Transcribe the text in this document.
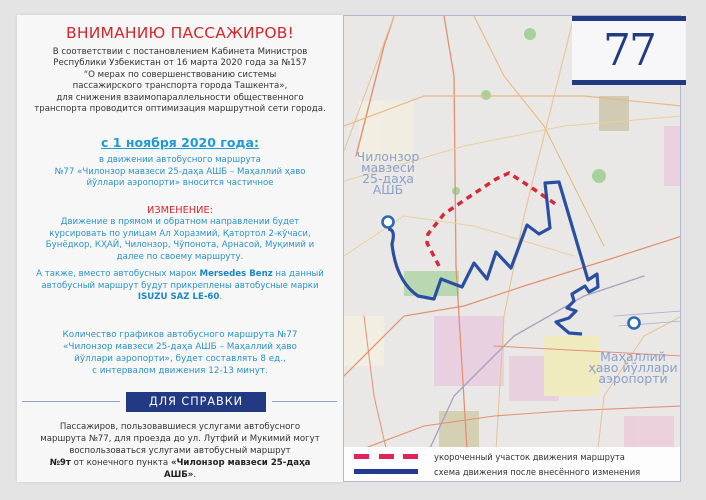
ВНИМАНИЮ ПАССАЖИРОВ!
В соответствии с постановлением Кабинета Министров
Республики Узбекистан от 16 марта 2020 года за №157
“О мерах по совершенствованию системы
пассажирского транспорта города Ташкента»,
для снижения взаимопараллельности общественного
транспорта проводится оптимизация маршрутной сети города.
с 1 ноября 2020 года:
в движении автобусного маршрута
№77 «Чилонзор мавзеси 25-даҳа АШБ – Маҳаллий ҳаво
йўллари аэропорти» вносится частичное
ИЗМЕНЕНИЕ:
Движение в прямом и обратном направлении будет
курсировать по улицам Ал Хоразмий, Қатортол 2-кўчаси,
Бунёдкор, КҲАЙ, Чилонзор, Чўпонота, Арнасой, Муқимий и
далее по своему маршруту.
А также, вместо автобусных марок Mersedes Benz на данный
автобусный маршрут будут прикреплены автобусные марки
ISUZU SAZ LE-60.
Количество графиков автобусного маршрута №77
«Чилонзор мавзеси 25-даҳа АШБ – Маҳаллий ҳаво
йўллари аэропорти», будет составлять 8 ед.,
с интервалом движения 12-13 минут.
ДЛЯ СПРАВКИ
Пассажиров, пользовавшиеся услугами автобусного
маршрута №77, для проезда до ул. Лутфий и Мукимий могут
воспользоваться услугами автобусный маршрут
№9т от конечного пункта «Чилонзор мавзеси 25-даҳа
АШБ».
Чилонзор
мавзеси
25-даҳа
АШБ
Маҳаллий
ҳаво йўллари
аэропорти
77
укороченный участок движения маршрута
схема движения после внесённого изменения
